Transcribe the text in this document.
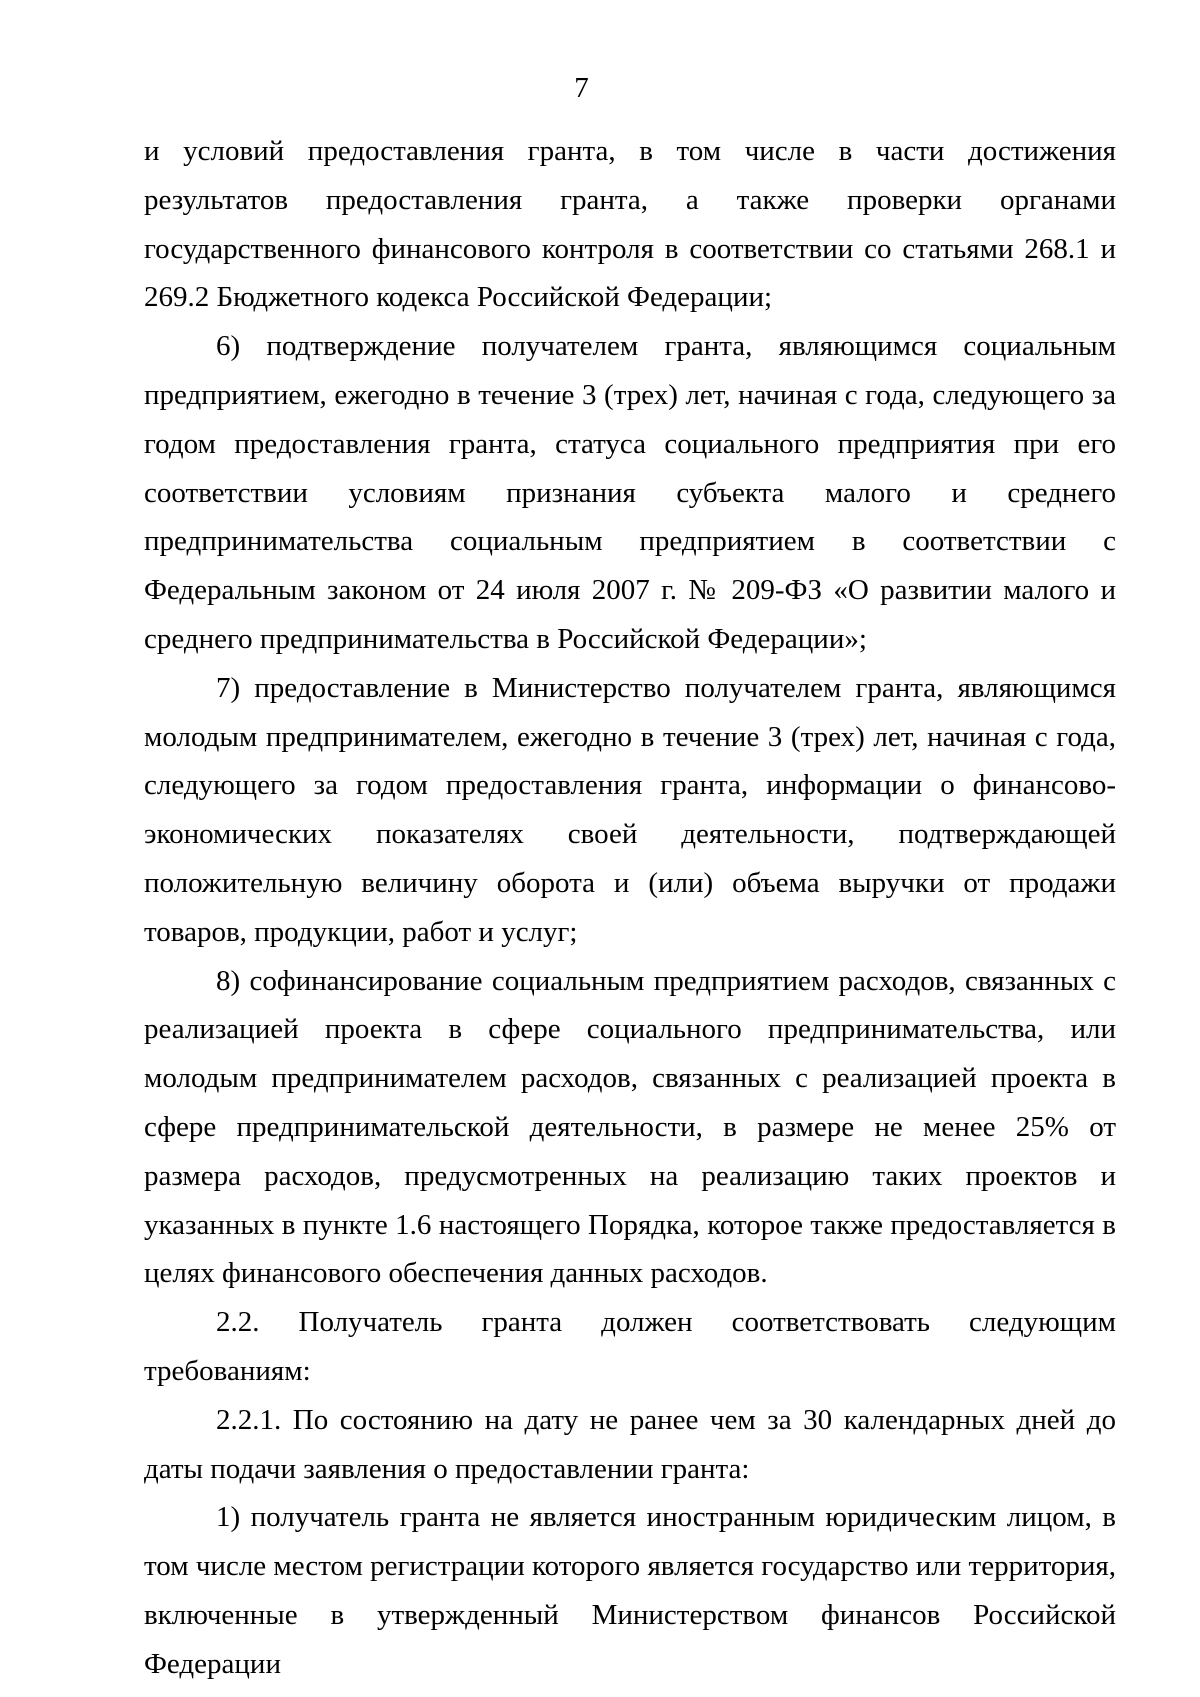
7

и условий предоставления гранта, в том числе в части достижения результатов предоставления гранта, а также проверки органами государственного финансового контроля в соответствии со статьями 268.1 и 269.2 Бюджетного кодекса Российской Федерации;

6) подтверждение получателем гранта, являющимся социальным предприятием, ежегодно в течение 3 (трех) лет, начиная с года, следующего за годом предоставления гранта, статуса социального предприятия при его соответствии условиям признания субъекта малого и среднего предпринимательства социальным предприятием в соответствии с Федеральным законом от 24 июля 2007 г. № 209-ФЗ «О развитии малого и среднего предпринимательства в Российской Федерации»;

7) предоставление в Министерство получателем гранта, являющимся молодым предпринимателем, ежегодно в течение 3 (трех) лет, начиная с года, следующего за годом предоставления гранта, информации о финансово-экономических показателях своей деятельности, подтверждающей положительную величину оборота и (или) объема выручки от продажи товаров, продукции, работ и услуг;

8) софинансирование социальным предприятием расходов, связанных с реализацией проекта в сфере социального предпринимательства, или молодым предпринимателем расходов, связанных с реализацией проекта в сфере предпринимательской деятельности, в размере не менее 25% от размера расходов, предусмотренных на реализацию таких проектов и указанных в пункте 1.6 настоящего Порядка, которое также предоставляется в целях финансового обеспечения данных расходов.

2.2. Получатель гранта должен соответствовать следующим требованиям:

2.2.1. По состоянию на дату не ранее чем за 30 календарных дней до даты подачи заявления о предоставлении гранта:

1) получатель гранта не является иностранным юридическим лицом, в том числе местом регистрации которого является государство или территория, включенные в утвержденный Министерством финансов Российской Федерации
